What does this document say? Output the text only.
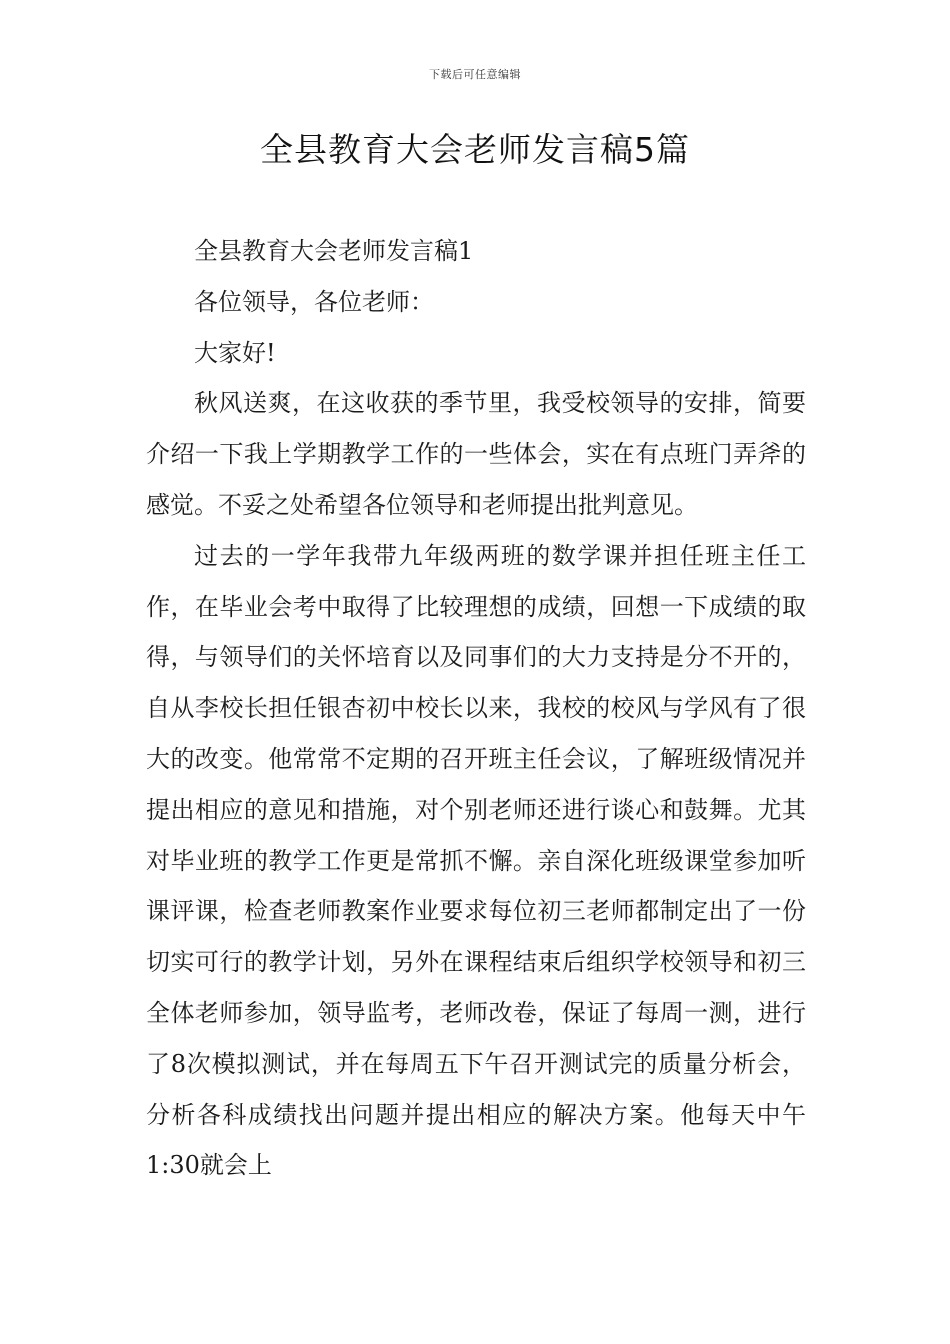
下载后可任意编辑
全县教育大会老师发言稿5篇

全县教育大会老师发言稿1

各位领导，各位老师：

大家好!

秋风送爽，在这收获的季节里，我受校领导的安排，简要介绍一下我上学期教学工作的一些体会，实在有点班门弄斧的感觉。不妥之处希望各位领导和老师提出批判意见。

过去的一学年我带九年级两班的数学课并担任班主任工作，在毕业会考中取得了比较理想的成绩，回想一下成绩的取得，与领导们的关怀培育以及同事们的大力支持是分不开的，自从李校长担任银杏初中校长以来，我校的校风与学风有了很大的改变。他常常不定期的召开班主任会议，了解班级情况并提出相应的意见和措施，对个别老师还进行谈心和鼓舞。尤其对毕业班的教学工作更是常抓不懈。亲自深化班级课堂参加听课评课，检查老师教案作业要求每位初三老师都制定出了一份切实可行的教学计划，另外在课程结束后组织学校领导和初三全体老师参加，领导监考，老师改卷，保证了每周一测，进行了8次模拟测试，并在每周五下午召开测试完的质量分析会，分析各科成绩找出问题并提出相应的解决方案。他每天中午1:30就会上
